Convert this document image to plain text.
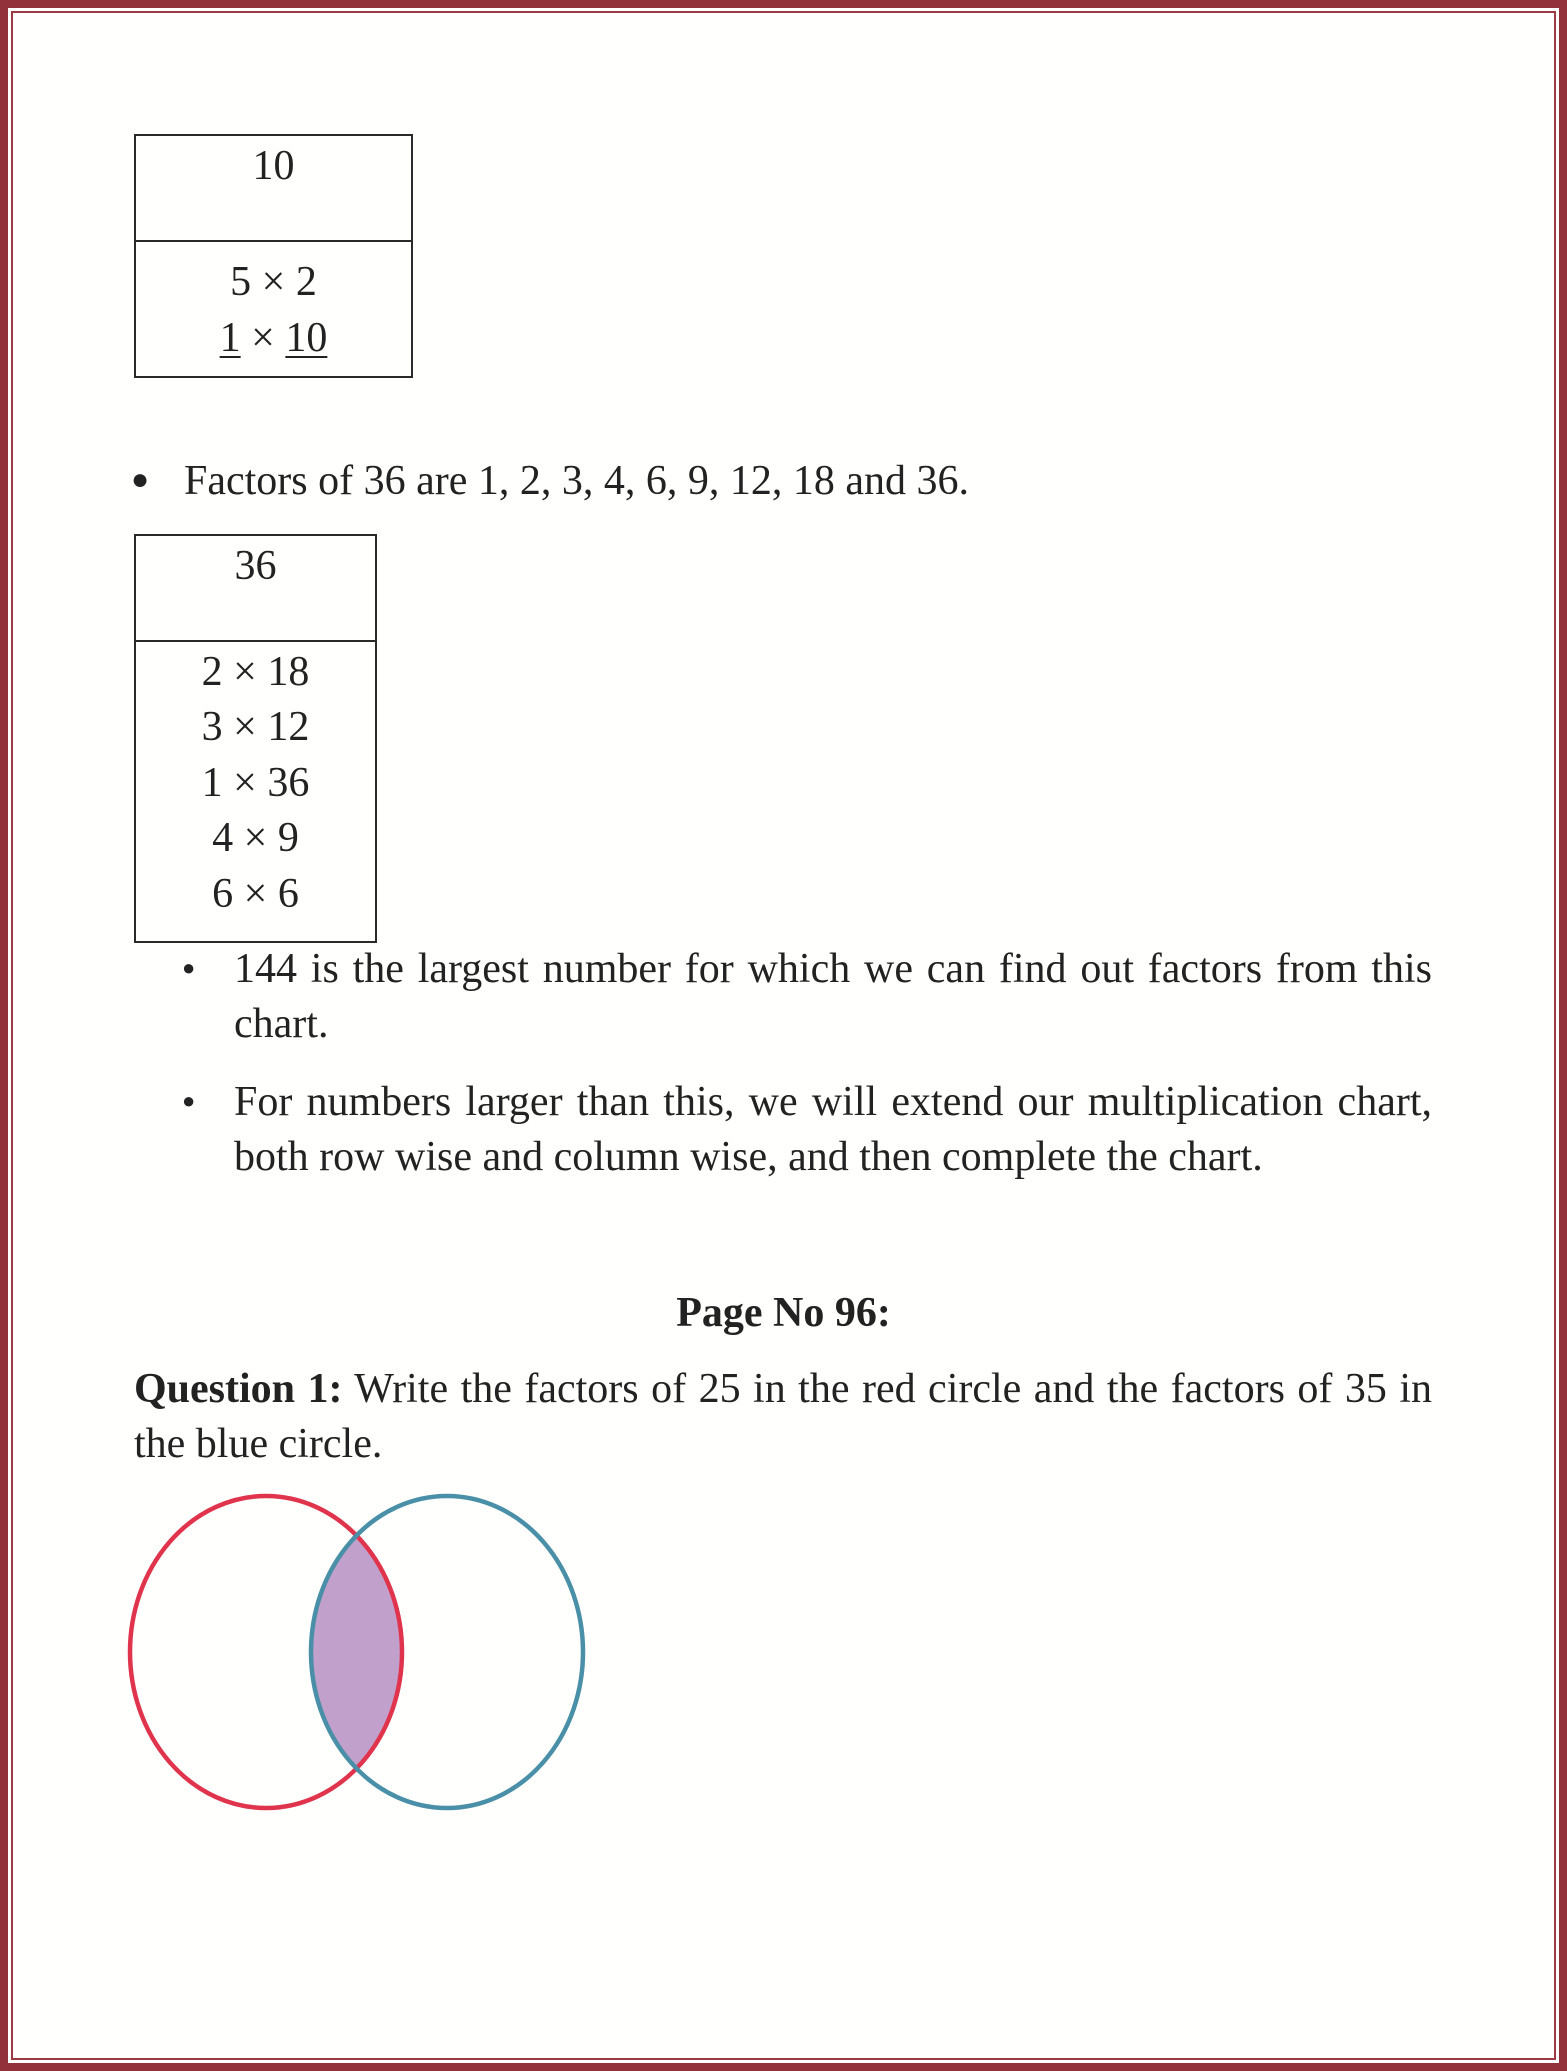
10
5 × 2
1 × 10
● Factors of 36 are 1, 2, 3, 4, 6, 9, 12, 18 and 36.
36
2 × 18
3 × 12
1 × 36
4 × 9
6 × 6
● 144 is the largest number for which we can find out factors from this chart.
● For numbers larger than this, we will extend our multiplication chart, both row wise and column wise, and then complete the chart.
Page No 96:
Question 1: Write the factors of 25 in the red circle and the factors of 35 in the blue circle.
